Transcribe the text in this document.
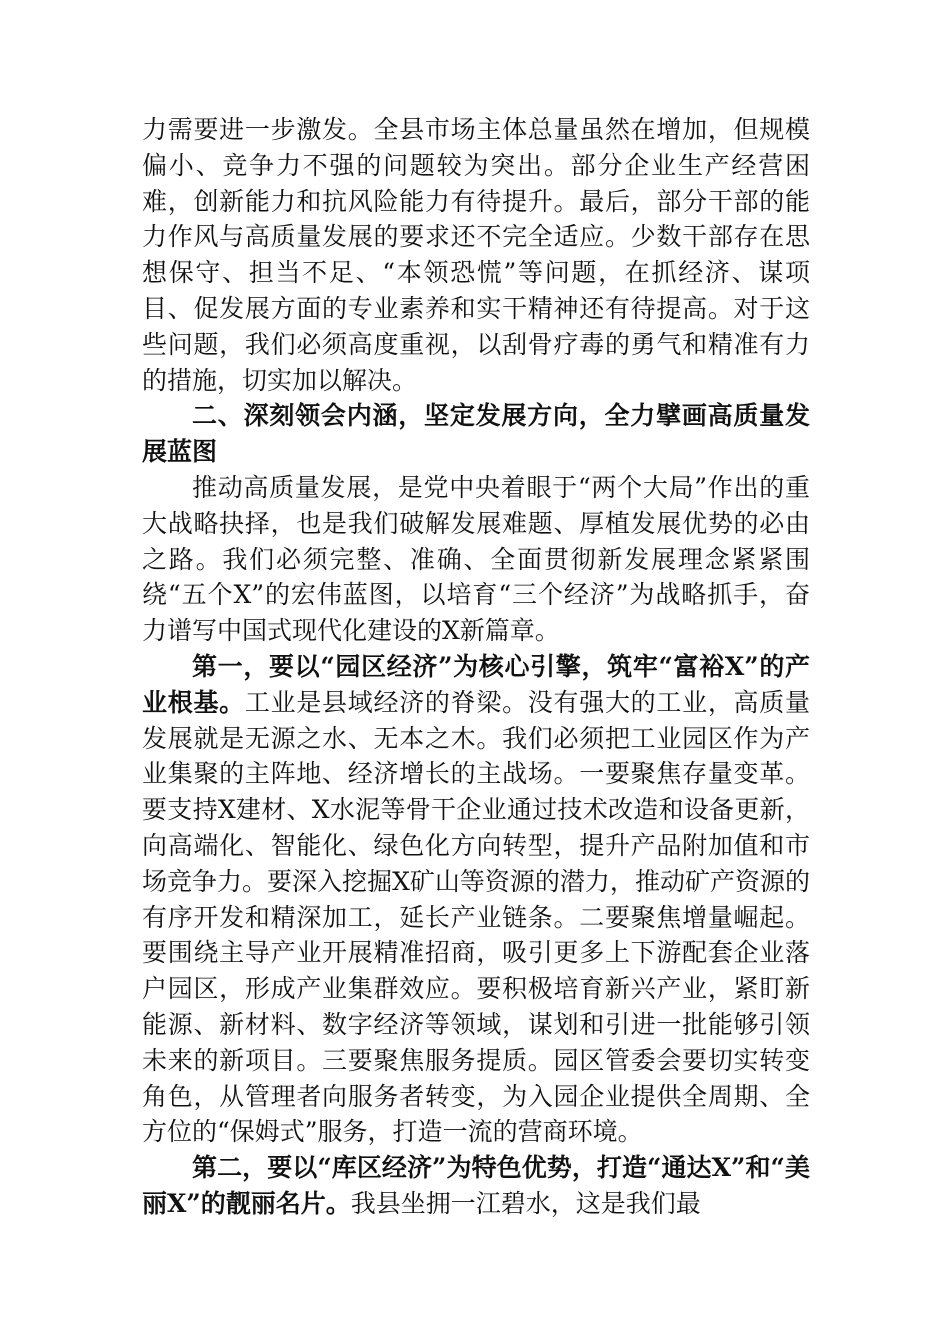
力需要进一步激发。全县市场主体总量虽然在增加，但规模偏小、竞争力不强的问题较为突出。部分企业生产经营困难，创新能力和抗风险能力有待提升。最后，部分干部的能力作风与高质量发展的要求还不完全适应。少数干部存在思想保守、担当不足、“本领恐慌”等问题，在抓经济、谋项目、促发展方面的专业素养和实干精神还有待提高。对于这些问题，我们必须高度重视，以刮骨疗毒的勇气和精准有力的措施，切实加以解决。

二、深刻领会内涵，坚定发展方向，全力擘画高质量发展蓝图

推动高质量发展，是党中央着眼于“两个大局”作出的重大战略抉择，也是我们破解发展难题、厚植发展优势的必由之路。我们必须完整、准确、全面贯彻新发展理念紧紧围绕“五个X”的宏伟蓝图，以培育“三个经济”为战略抓手，奋力谱写中国式现代化建设的X新篇章。

第一，要以“园区经济”为核心引擎，筑牢“富裕X”的产业根基。工业是县域经济的脊梁。没有强大的工业，高质量发展就是无源之水、无本之木。我们必须把工业园区作为产业集聚的主阵地、经济增长的主战场。一要聚焦存量变革。要支持X建材、X水泥等骨干企业通过技术改造和设备更新，向高端化、智能化、绿色化方向转型，提升产品附加值和市场竞争力。要深入挖掘X矿山等资源的潜力，推动矿产资源的有序开发和精深加工，延长产业链条。二要聚焦增量崛起。要围绕主导产业开展精准招商，吸引更多上下游配套企业落户园区，形成产业集群效应。要积极培育新兴产业，紧盯新能源、新材料、数字经济等领域，谋划和引进一批能够引领未来的新项目。三要聚焦服务提质。园区管委会要切实转变角色，从管理者向服务者转变，为入园企业提供全周期、全方位的“保姆式”服务，打造一流的营商环境。

第二，要以“库区经济”为特色优势，打造“通达X”和“美丽X”的靓丽名片。我县坐拥一江碧水，这是我们最
